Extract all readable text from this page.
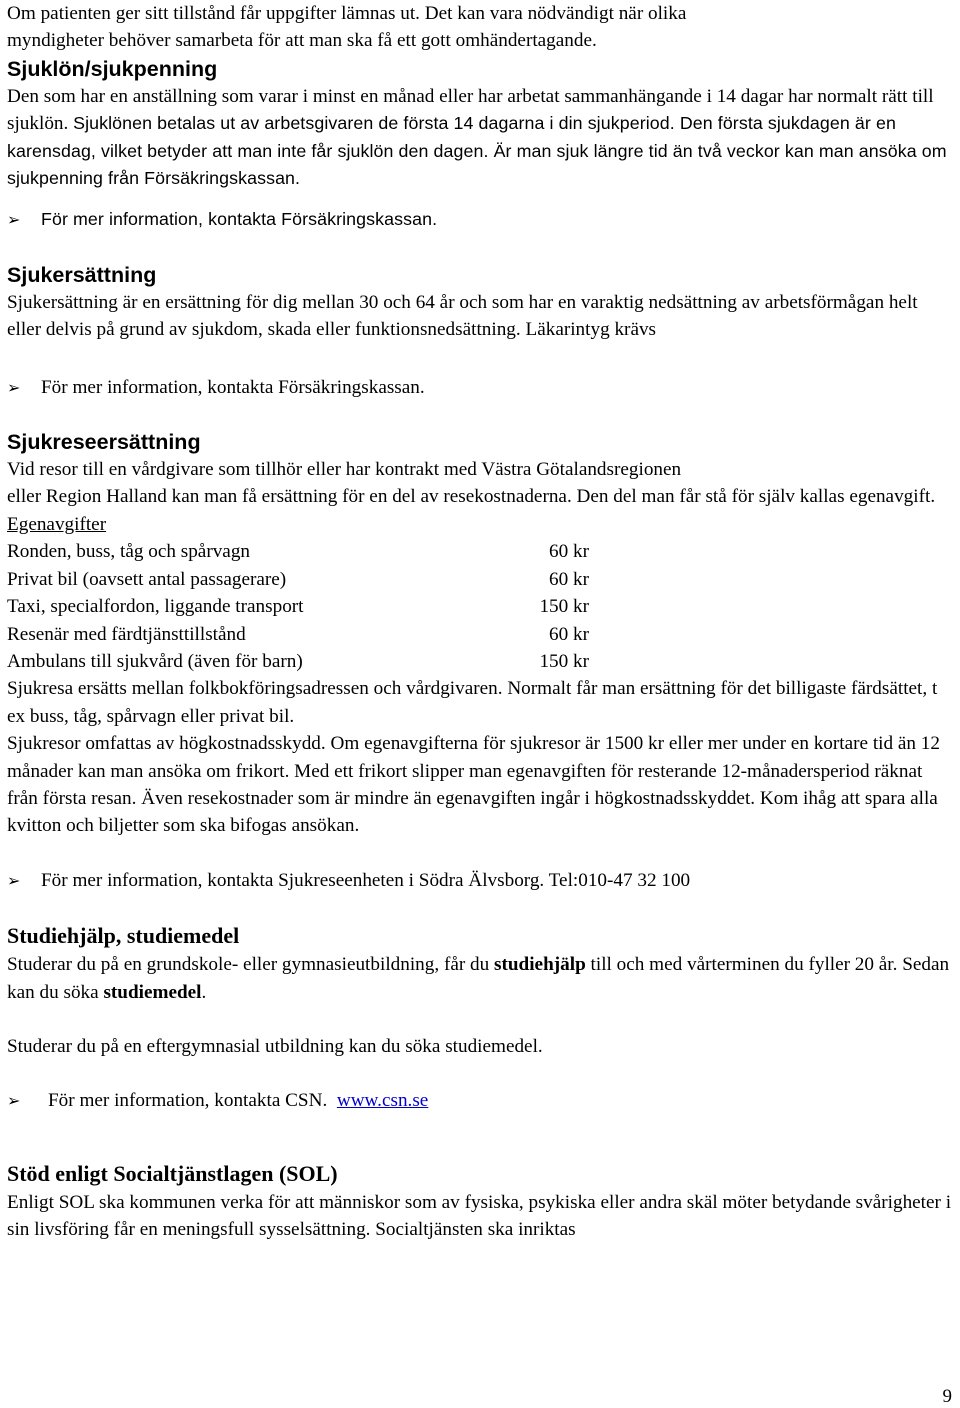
Om patienten ger sitt tillstånd får uppgifter lämnas ut. Det kan vara nödvändigt när olika

myndigheter behöver samarbeta för att man ska få ett gott omhändertagande.

Sjuklön/sjukpenning

Den som har en anställning som varar i minst en månad eller har arbetat sammanhängande i 14 dagar har normalt rätt till sjuklön. Sjuklönen betalas ut av arbetsgivaren de första 14 dagarna i din sjukperiod. Den första sjukdagen är en karensdag, vilket betyder att man inte får sjuklön den dagen. Är man sjuk längre tid än två veckor kan man ansöka om sjukpenning från Försäkringskassan.

➢	För mer information, kontakta Försäkringskassan.

Sjukersättning

Sjukersättning är en ersättning för dig mellan 30 och 64 år och som har en varaktig nedsättning av arbetsförmågan helt eller delvis på grund av sjukdom, skada eller funktionsnedsättning. Läkarintyg krävs

➢	För mer information, kontakta Försäkringskassan.

Sjukreseersättning

Vid resor till en vårdgivare som tillhör eller har kontrakt med Västra Götalandsregionen

eller Region Halland kan man få ersättning för en del av resekostnaderna. Den del man får stå för själv kallas egenavgift.

Egenavgifter

Ronden, buss, tåg och spårvagn	60 kr
Privat bil (oavsett antal passagerare)	60 kr
Taxi, specialfordon, liggande transport	150 kr
Resenär med färdtjänsttillstånd	60 kr
Ambulans till sjukvård (även för barn)	150 kr

Sjukresa ersätts mellan folkbokföringsadressen och vårdgivaren. Normalt får man ersättning för det billigaste färdsättet, t ex buss, tåg, spårvagn eller privat bil.

Sjukresor omfattas av högkostnadsskydd. Om egenavgifterna för sjukresor är 1500 kr eller mer under en kortare tid än 12 månader kan man ansöka om frikort. Med ett frikort slipper man egenavgiften för resterande 12-månadersperiod räknat från första resan. Även resekostnader som är mindre än egenavgiften ingår i högkostnadsskyddet. Kom ihåg att spara alla kvitton och biljetter som ska bifogas ansökan.

➢	För mer information, kontakta Sjukreseenheten i Södra Älvsborg. Tel:010-47 32 100

Studiehjälp, studiemedel

Studerar du på en grundskole- eller gymnasieutbildning, får du studiehjälp till och med vårterminen du fyller 20 år. Sedan kan du söka studiemedel.

Studerar du på en eftergymnasial utbildning kan du söka studiemedel.

➢	För mer information, kontakta CSN. www.csn.se

Stöd enligt Socialtjänstlagen (SOL)

Enligt SOL ska kommunen verka för att människor som av fysiska, psykiska eller andra skäl möter betydande svårigheter i sin livsföring får en meningsfull sysselsättning. Socialtjänsten ska inriktas

9
